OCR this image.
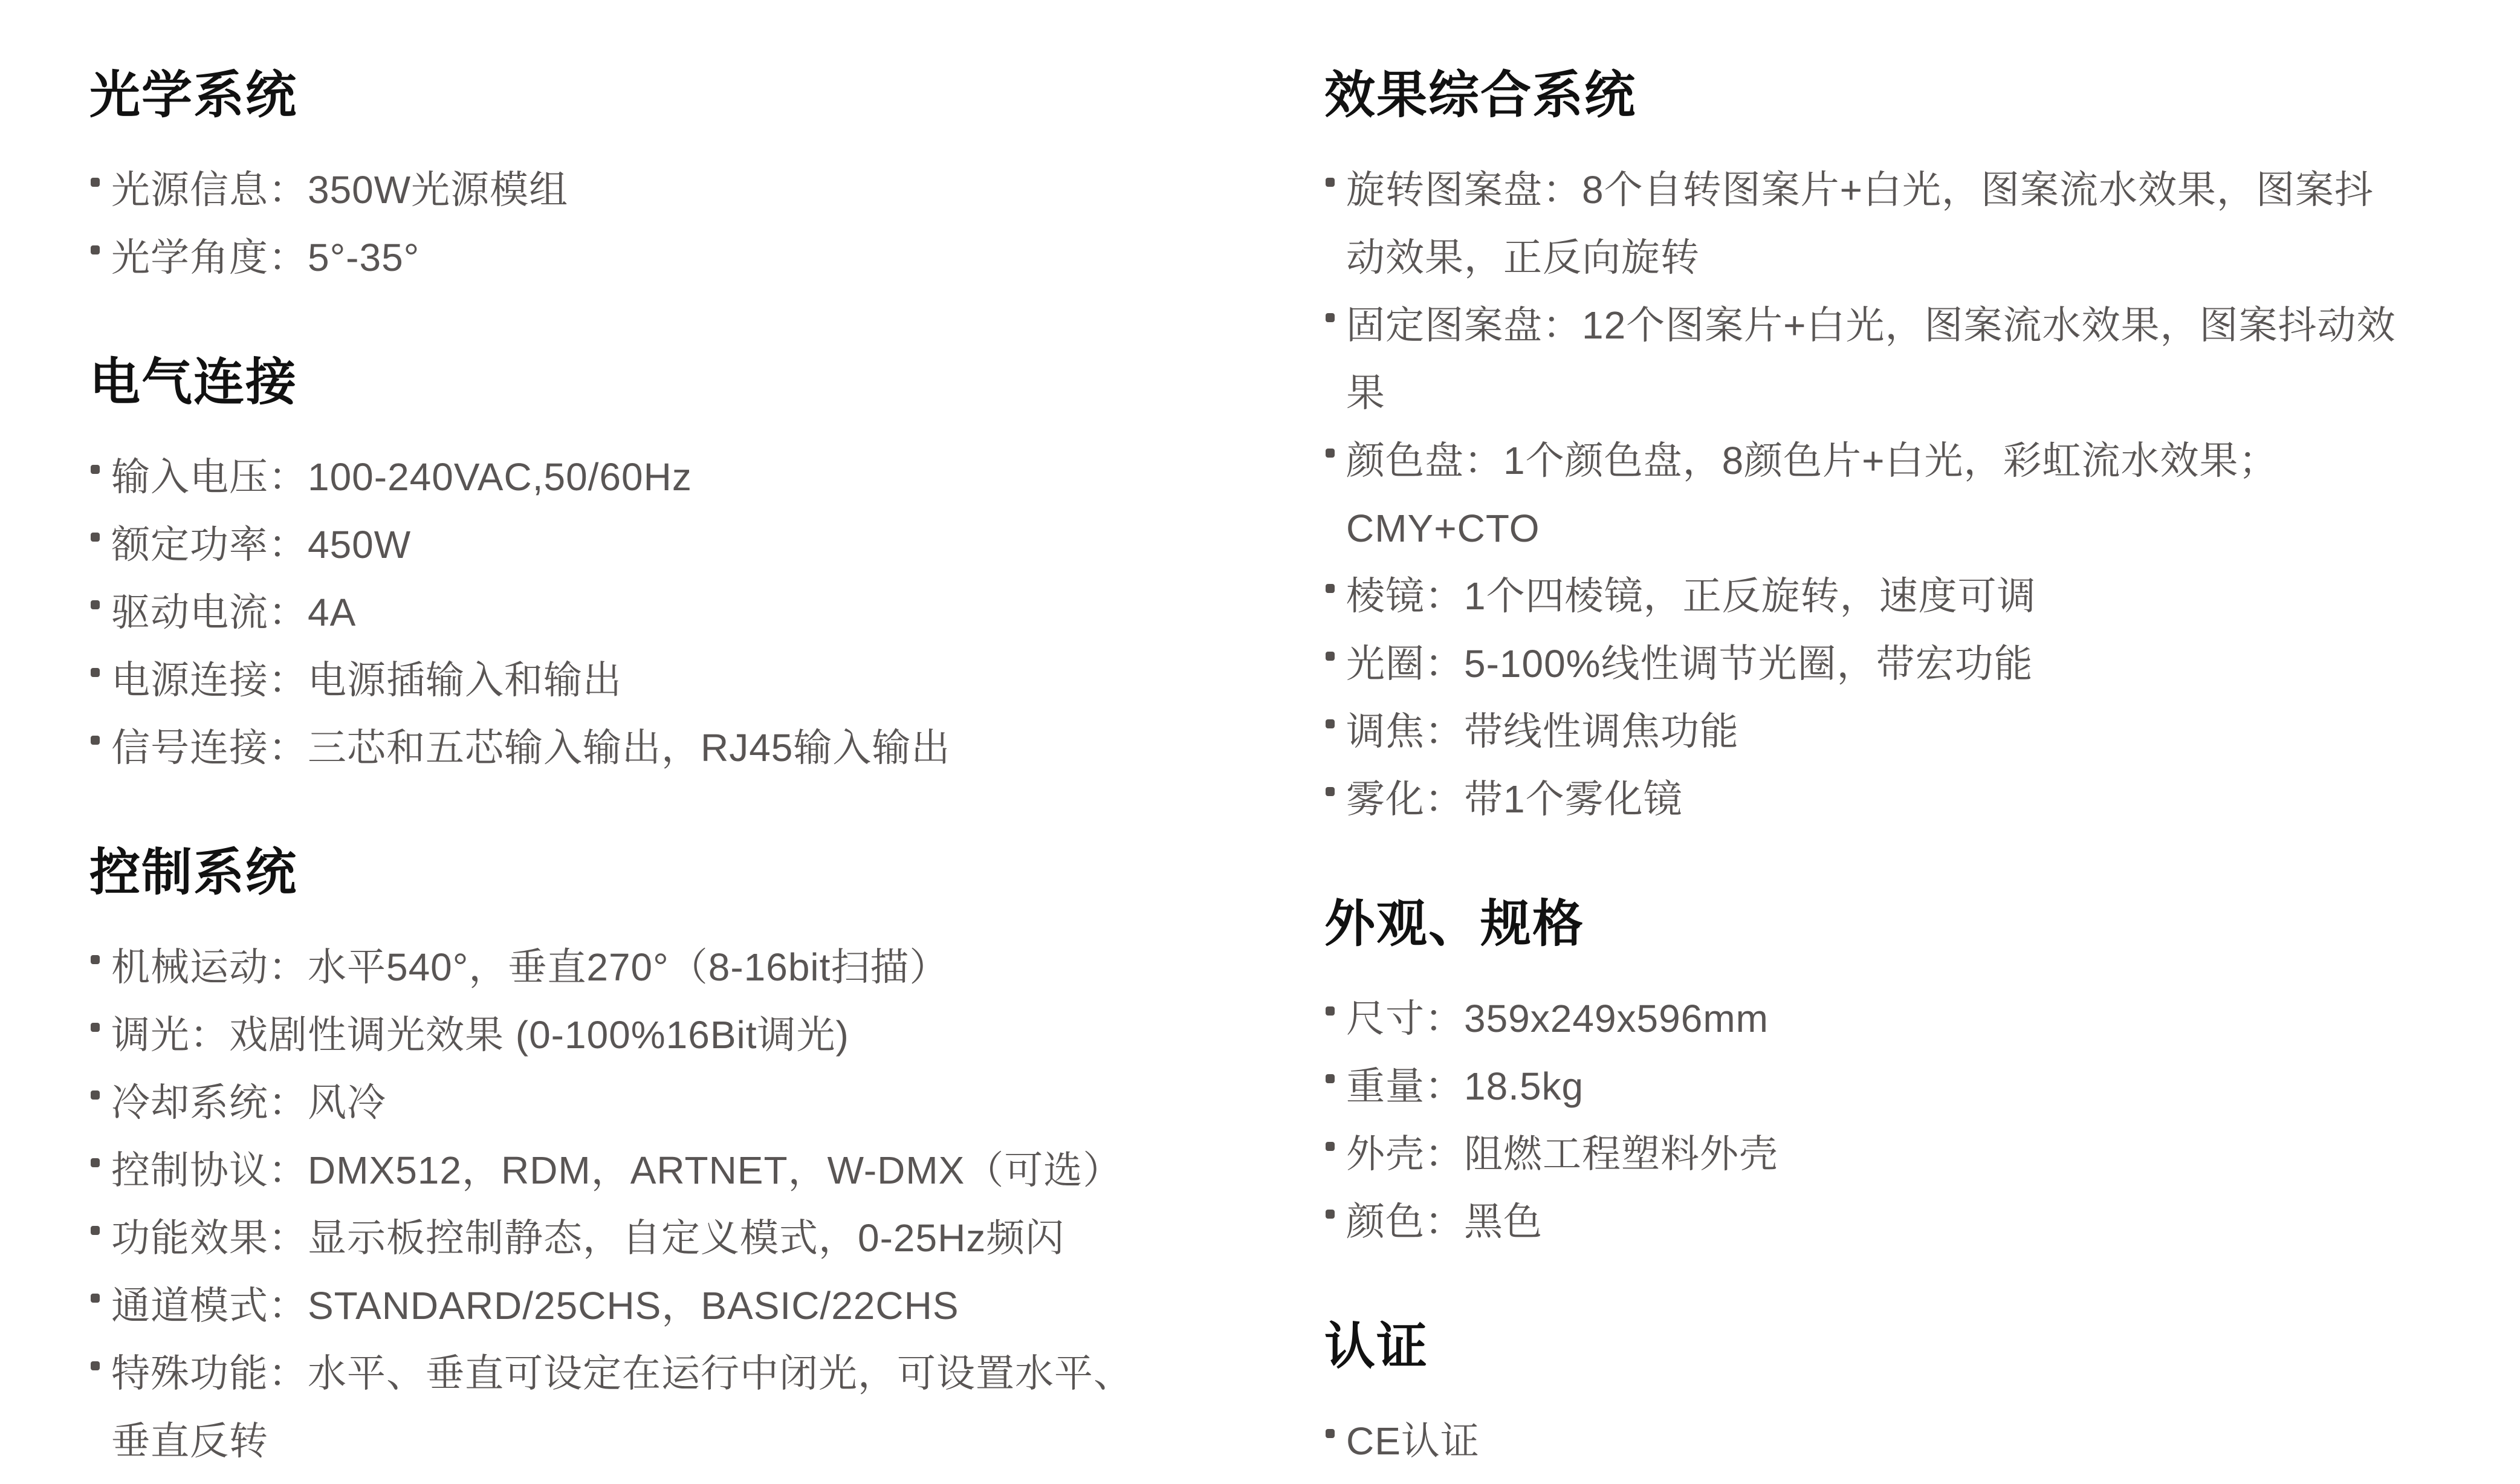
光学系统
光源信息：350W光源模组
光学角度：5°-35°
电气连接
输入电压：100-240VAC,50/60Hz
额定功率：450W
驱动电流：4A
电源连接：电源插输入和输出
信号连接：三芯和五芯输入输出，RJ45输入输出
控制系统
机械运动：水平540°，垂直270°（8-16bit扫描）
调光：戏剧性调光效果 (0-100%16Bit调光)
冷却系统：风冷
控制协议：DMX512，RDM，ARTNET，W-DMX（可选）
功能效果：显示板控制静态，自定义模式，0-25Hz频闪
通道模式：STANDARD/25CHS，BASIC/22CHS
特殊功能：水平、垂直可设定在运行中闭光，可设置水平、
垂直反转
效果综合系统
旋转图案盘：8个自转图案片+白光，图案流水效果，图案抖
动效果，正反向旋转
固定图案盘：12个图案片+白光，图案流水效果，图案抖动效
果
颜色盘：1个颜色盘，8颜色片+白光，彩虹流水效果；
CMY+CTO
棱镜：1个四棱镜，正反旋转，速度可调
光圈：5-100%线性调节光圈，带宏功能
调焦：带线性调焦功能
雾化：带1个雾化镜
外观、规格
尺寸：359x249x596mm
重量：18.5kg
外壳：阻燃工程塑料外壳
颜色：黑色
认证
CE认证
